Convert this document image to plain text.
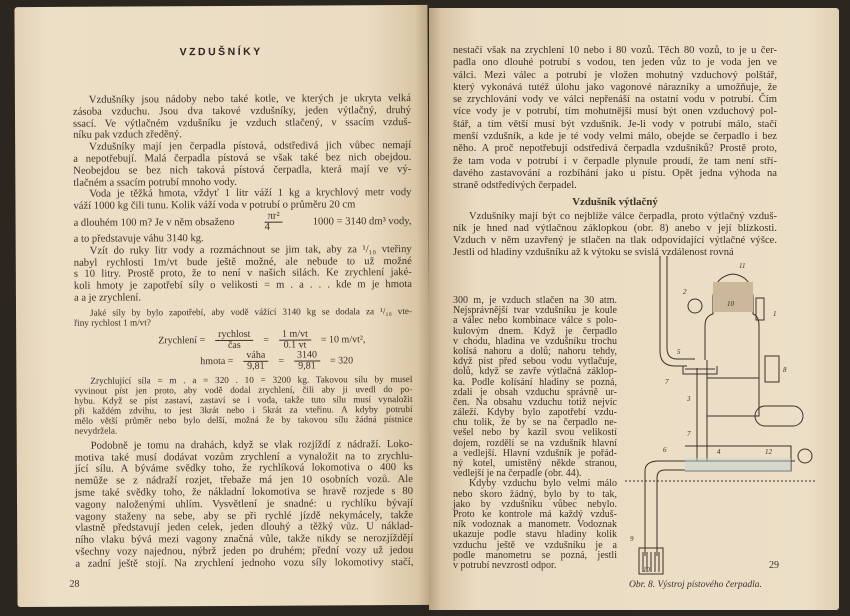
VZDUŠNÍKY
Vzdušníky jsou nádoby nebo také kotle, ve kterých je ukryta velká
zásoba vzduchu. Jsou dva takové vzdušníky, jeden výtlačný, druhý
ssací. Ve výtlačném vzdušníku je vzduch stlačený, v ssacím vzduš-
níku pak vzduch zředěný.
Vzdušníky mají jen čerpadla pístová, odstředivá jich vůbec nemají
a nepotřebují. Malá čerpadla pístová se však také bez nich obejdou.
Neobejdou se bez nich taková pístová čerpadla, která mají ve vý-
tlačném a ssacím potrubí mnoho vody.
Voda je těžká hmota, vždyť 1 litr váží 1 kg a krychlový metr vody
váží 1000 kg čili tunu. Kolik váží voda v potrubí o průměru 20 cm
a dlouhém 100 m? Je v něm obsaženo	$\frac{\text{πr²}}{4}$	1000 = 3140 dm³ vody,
a to představuje váhu 3140 kg.
Vzít do ruky litr vody a rozmáchnout se jim tak, aby za ¹/₁₀ vteřiny
nabyl rychlosti 1m/vt bude ještě možné, ale nebude to už možné
s 10 litry. Prostě proto, že to není v našich silách. Ke zrychlení jaké-
koli hmoty je zapotřebí síly o velikosti = m . a . . . kde m je hmota
a a je zrychlení.
Jaké síly by bylo zapotřebí, aby vodě vážící 3140 kg se dodala za ¹/₁₀ vte-
řiny rychlost 1 m/vt?
Zrychlení = $\frac{\text{rychlost}}{\text{čas}} = \frac{1 m/vt}{0.1 vt} = 10$ m/vt²,
hmota = $\frac{\text{váha}}{9,81} = \frac{3140}{9,81} = 320$
Zrychlující síla = m . a = 320 . 10 = 3200 kg. Takovou sílu by musel
vyvinout píst jen proto, aby vodě dodal zrychlení, čili aby ji uvedl do po-
hybu. Když se píst zastaví, zastaví se i voda, takže tuto sílu musí vynaložit
při každém zdvihu, to jest 3krát nebo i 5krát za vteřinu. A kdyby potrubí
mělo větší průměr nebo bylo delší, možná že by takovou sílu žádná pístnice
nevydržela.
Podobně je tomu na drahách, když se vlak rozjíždí z nádraží. Loko-
motiva také musí dodávat vozům zrychlení a vynaložit na to zrychlu-
jící sílu. A býváme svědky toho, že rychlíková lokomotiva o 400 ks
nemůže se z nádraží rozjet, třebaže má jen 10 osobních vozů. Ale
jsme také svědky toho, že nákladní lokomotiva se hravě rozjede s 80
vagony naloženými uhlím. Vysvětlení je snadné: u rychlíku bývají
vagony staženy na sebe, aby se při rychlé jízdě nekymácely, takže
vlastně představují jeden celek, jeden dlouhý a těžký vůz. U náklad-
ního vlaku bývá mezi vagony značná vůle, takže nikdy se nerozjíždějí
všechny vozy najednou, nýbrž jeden po druhém; přední vozy už jedou
a zadní ještě stojí. Na zrychlení jednoho vozu síly lokomotivy stačí,
28
nestačí však na zrychlení 10 nebo i 80 vozů. Těch 80 vozů, to je u čer-
padla ono dlouhé potrubí s vodou, ten jeden vůz to je voda jen ve
válci. Mezi válec a potrubí je vložen mohutný vzduchový polštář,
který vykonává tutéž úlohu jako vagonové nárazníky a umožňuje, že
se zrychlování vody ve válci nepřenáší na ostatní vodu v potrubí. Čím
více vody je v potrubí, tím mohutnější musí být onen vzduchový pol-
štář, a tím větší musí být vzdušník. Je-li vody v potrubí málo, stačí
menší vzdušník, a kde je té vody velmi málo, obejde se čerpadlo i bez
něho. A proč nepotřebují odstředivá čerpadla vzdušníků? Prostě proto,
že tam voda v potrubí i v čerpadle plynule proudí, že tam není stří-
davého zastavování a rozbíhání jako u pístu. Opět jedna výhoda na
straně odstředivých čerpadel.
Vzdušník výtlačný
Vzdušníky mají být co nejblíže válce čerpadla, proto výtlačný vzduš-
ník je hned nad výtlačnou záklopkou (obr. 8) anebo v její blízkosti.
Vzduch v něm uzavřený je stlačen na tlak odpovídající výtlačné výšce.
Jestli od hladiny vzdušníku až k výtoku se svislá vzdálenost rovná
300 m, je vzduch stlačen na 30 atm.
Nejsprávnější tvar vzdušníku je koule
a válec nebo kombinace válce s polo-
kulovým dnem. Když je čerpadlo
v chodu, hladina ve vzdušníku trochu
kolísá nahoru a dolů; nahoru tehdy,
když píst před sebou vodu vytlačuje,
dolů, když se zavře výtlačná záklop-
ka. Podle kolísání hladiny se pozná,
zdali je obsah vzduchu správně ur-
čen. Na obsahu vzduchu totiž nejvíc
záleží. Kdyby bylo zapotřebí vzdu-
chu tolik, že by se na čerpadlo ne-
vešel nebo by kazil svou velikostí
dojem, rozdělí se na vzdušník hlavní
a vedlejší. Hlavní vzdušník je pořád-
ný kotel, umístěný někde stranou,
vedlejší je na čerpadle (obr. 44).
Kdyby vzduchu bylo velmi málo
nebo skoro žádný, bylo by to tak,
jako by vzdušníku vůbec nebylo.
Proto ke kontrole má každý vzduš-
ník vodoznak a manometr. Vodoznak
ukazuje podle stavu hladiny kolik
vzduchu ještě ve vzdušníku je a
podle manometru se pozná, jestli
v potrubí nevzrostl odpor.
11
2
10
1
5
7
8
3
7
6	4	12
9
10
Obr. 8. Výstroj pístového čerpadla.
29
